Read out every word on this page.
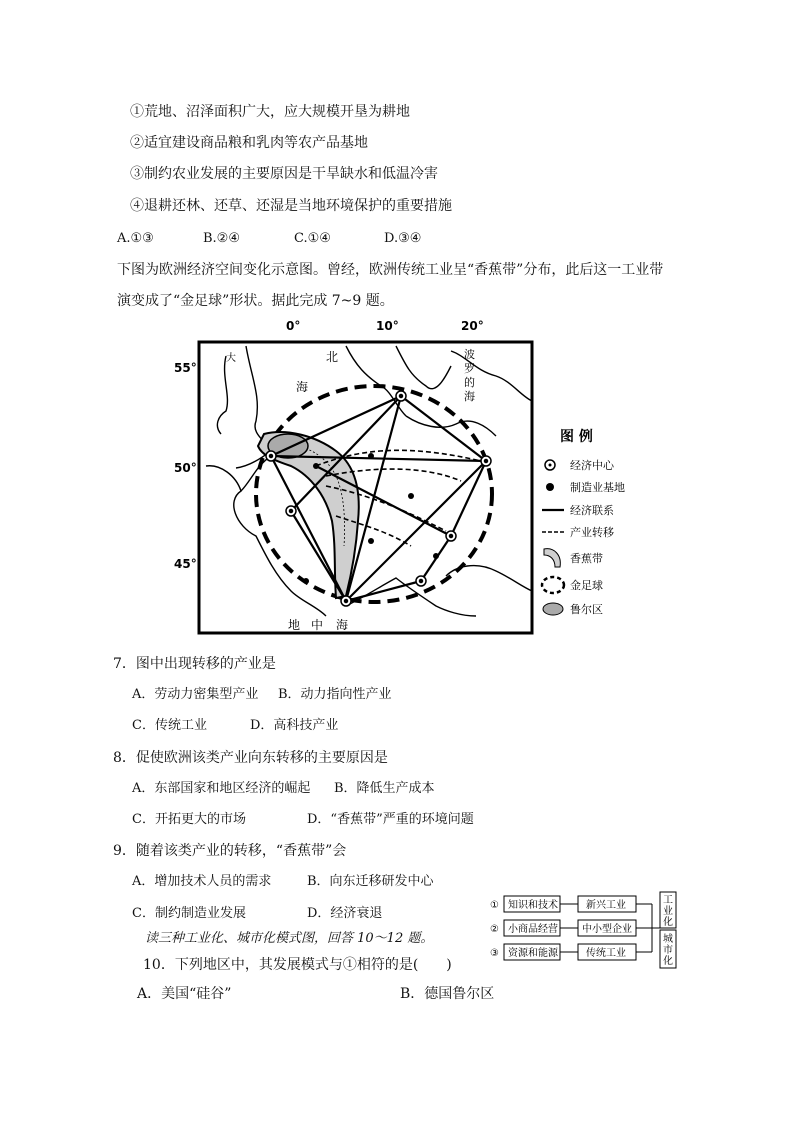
①荒地、沼泽面积广大，应大规模开垦为耕地
②适宜建设商品粮和乳肉等农产品基地
③制约农业发展的主要原因是干旱缺水和低温冷害
④退耕还林、还草、还湿是当地环境保护的重要措施
A.①③	B.②④	C.①④	D.③④
下图为欧洲经济空间变化示意图。曾经，欧洲传统工业呈“香蕉带”分布，此后这一工业带
演变成了“金足球”形状。据此完成 7~9 题。
0°	10°	20°
55°
50°
45°
北
海
大	波
罗
的
海
地 中 海
图 例
经济中心
制造业基地
经济联系
产业转移
香蕉带
金足球
鲁尔区
7．图中出现转移的产业是
A．劳动力密集型产业 B．动力指向性产业
C．传统工业	D．高科技产业
8．促使欧洲该类产业向东转移的主要原因是
A．东部国家和地区经济的崛起 B．降低生产成本
C．开拓更大的市场	D．“香蕉带”严重的环境问题
9．随着该类产业的转移，“香蕉带”会
A．增加技术人员的需求	B．向东迁移研发中心
C．制约制造业发展	D．经济衰退
读三种工业化、城市化模式图，回答 10～12 题。
10．下列地区中，其发展模式与①相符的是(　　)
A．美国“硅谷”	B．德国鲁尔区
① 知识和技术	新兴工业
② 小商品经营 中小型企业
③ 资源和能源	传统工业
工
业
化
城
市
化
